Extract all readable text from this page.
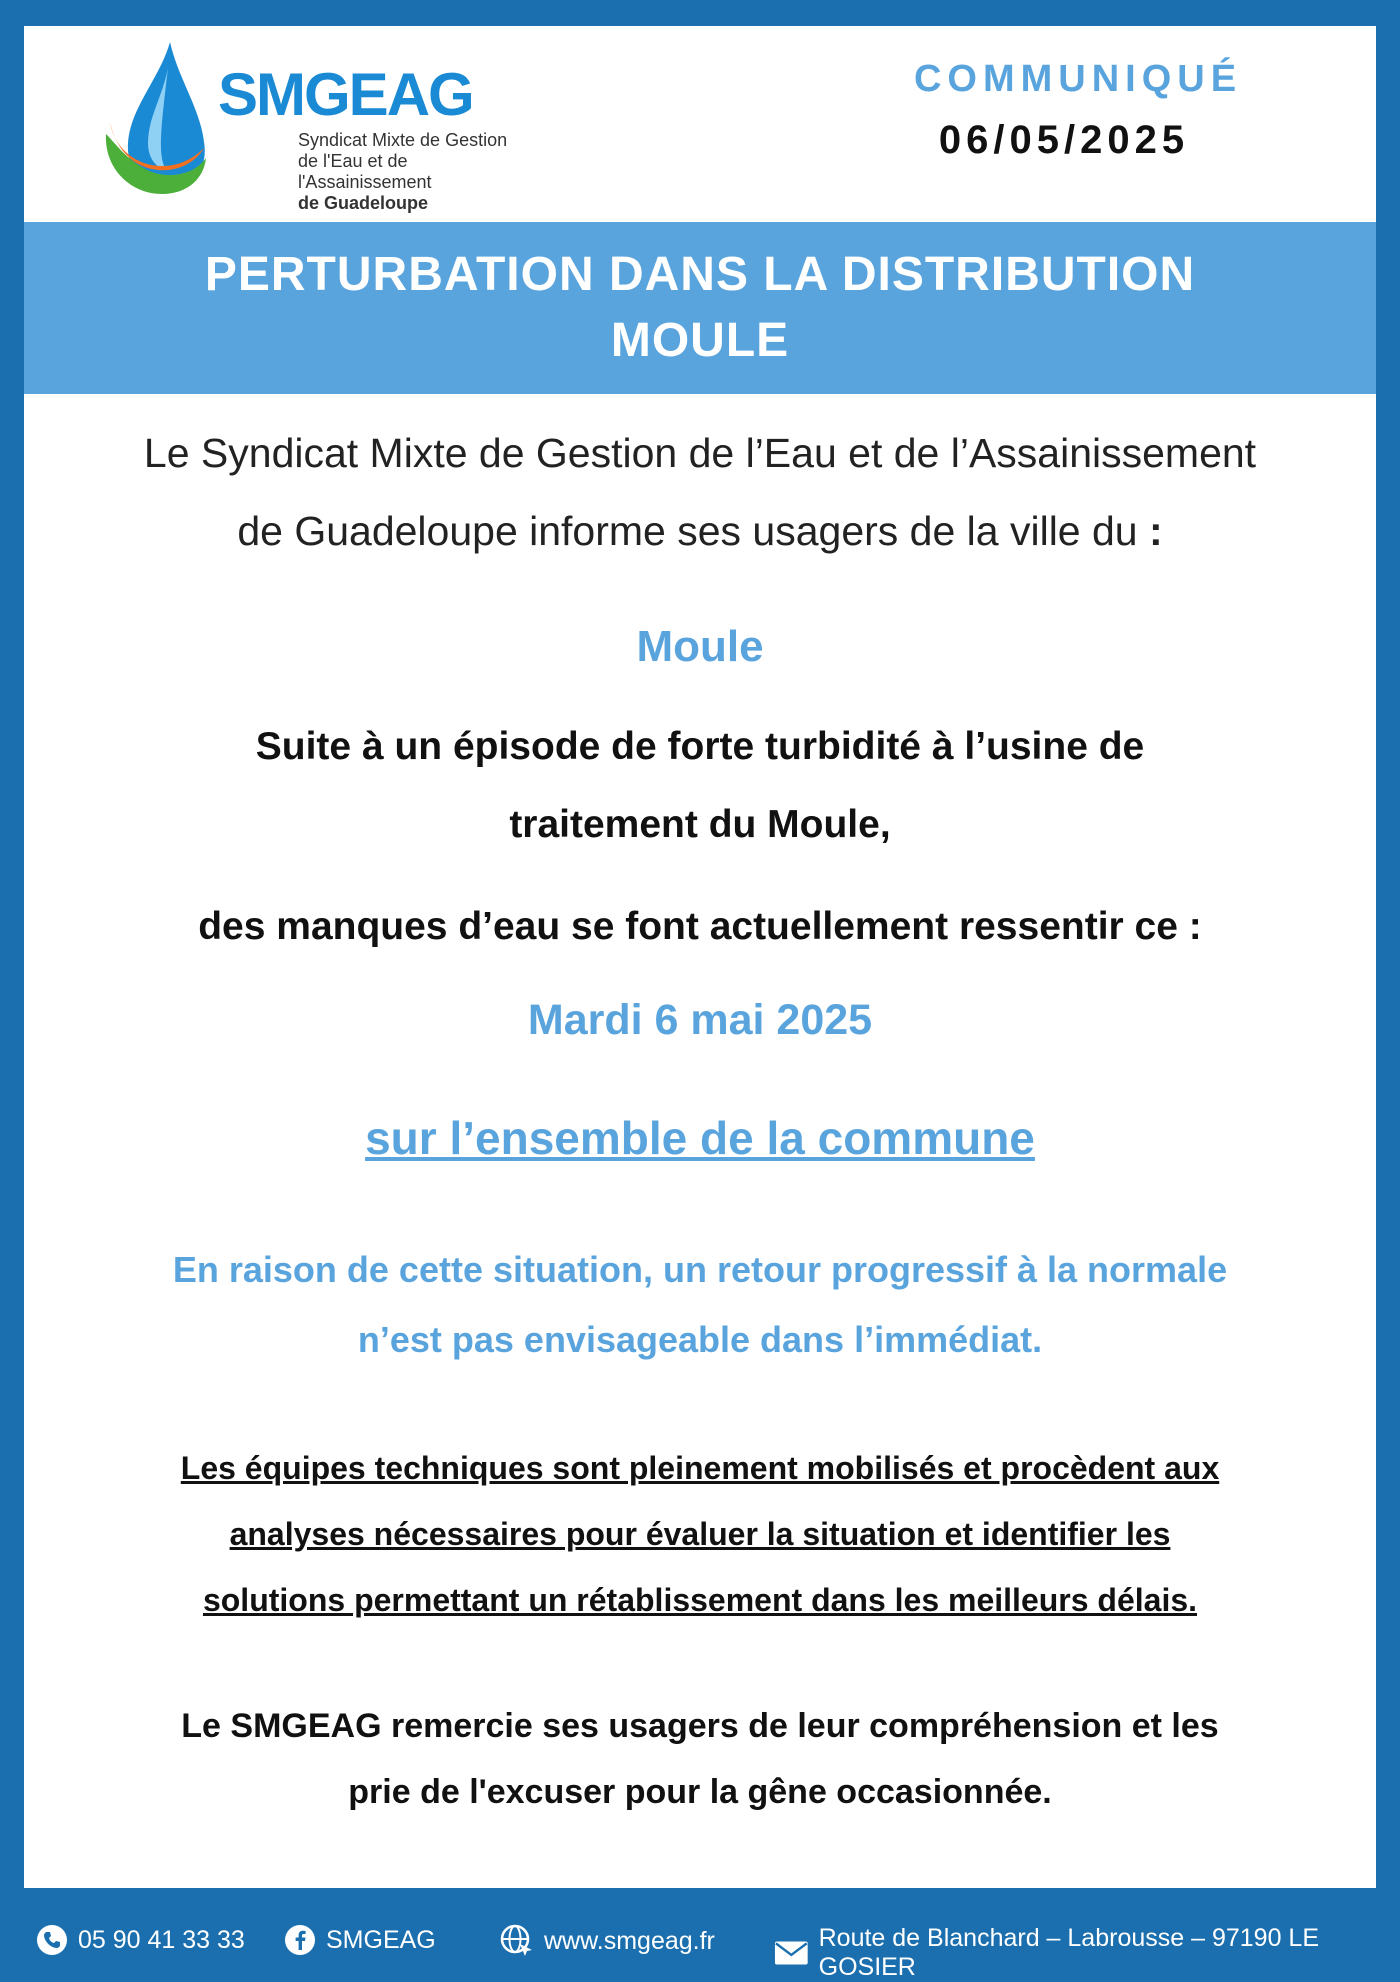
SMGEAG
Syndicat Mixte de Gestion
de l'Eau et de l'Assainissement
de Guadeloupe
COMMUNIQUÉ
06/05/2025
PERTURBATION DANS LA DISTRIBUTION
MOULE
Le Syndicat Mixte de Gestion de l’Eau et de l’Assainissement
de Guadeloupe informe ses usagers de la ville du :
Moule
Suite à un épisode de forte turbidité à l’usine de
traitement du Moule,
des manques d’eau se font actuellement ressentir ce :
Mardi 6 mai 2025
sur l’ensemble de la commune
En raison de cette situation, un retour progressif à la normale
n’est pas envisageable dans l’immédiat.
Les équipes techniques sont pleinement mobilisés et procèdent aux
analyses nécessaires pour évaluer la situation et identifier les
solutions permettant un rétablissement dans les meilleurs délais.
Le SMGEAG remercie ses usagers de leur compréhension et les
prie de l'excuser pour la gêne occasionnée.
05 90 41 33 33	SMGEAG	www.smgeag.fr	Route de Blanchard – Labrousse – 97190 LE GOSIER
